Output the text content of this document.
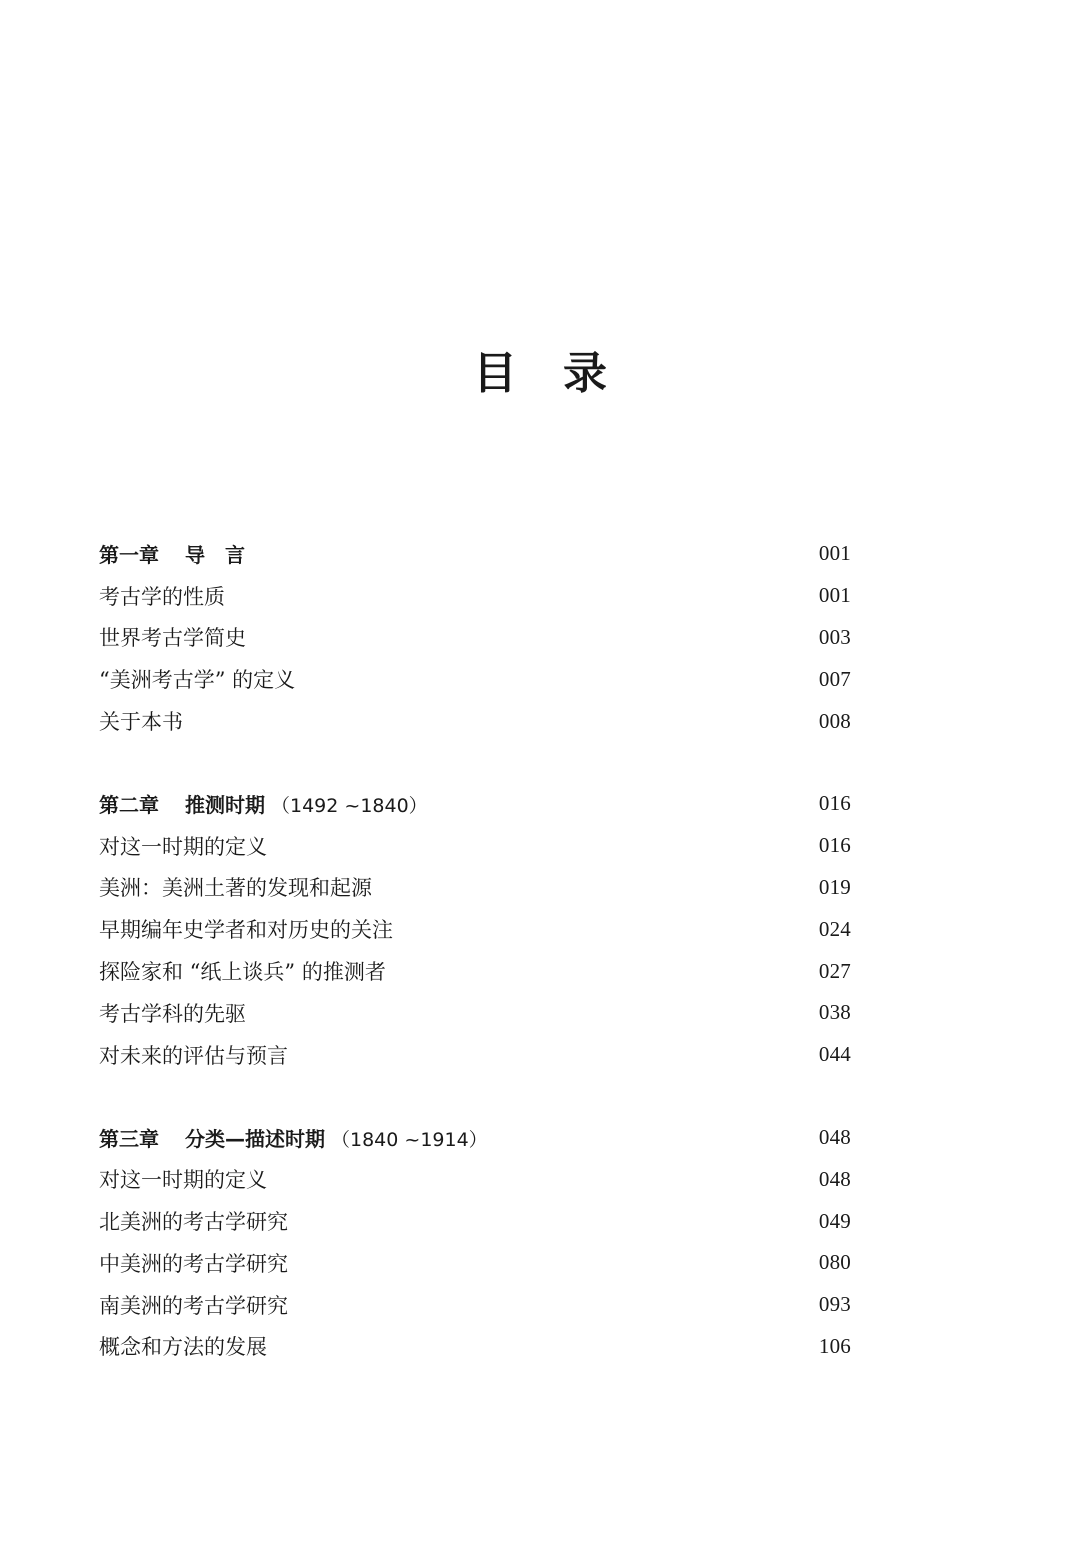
目 录
第一章 导　言	001
考古学的性质	001
世界考古学简史	003
“美洲考古学” 的定义	007
关于本书	008
第二章 推测时期 （1492 ~1840）	016
对这一时期的定义	016
美洲：美洲土著的发现和起源	019
早期编年史学者和对历史的关注	024
探险家和 “纸上谈兵” 的推测者	027
考古学科的先驱	038
对未来的评估与预言	044
第三章 分类—描述时期 （1840 ~1914）	048
对这一时期的定义	048
北美洲的考古学研究	049
中美洲的考古学研究	080
南美洲的考古学研究	093
概念和方法的发展	106
